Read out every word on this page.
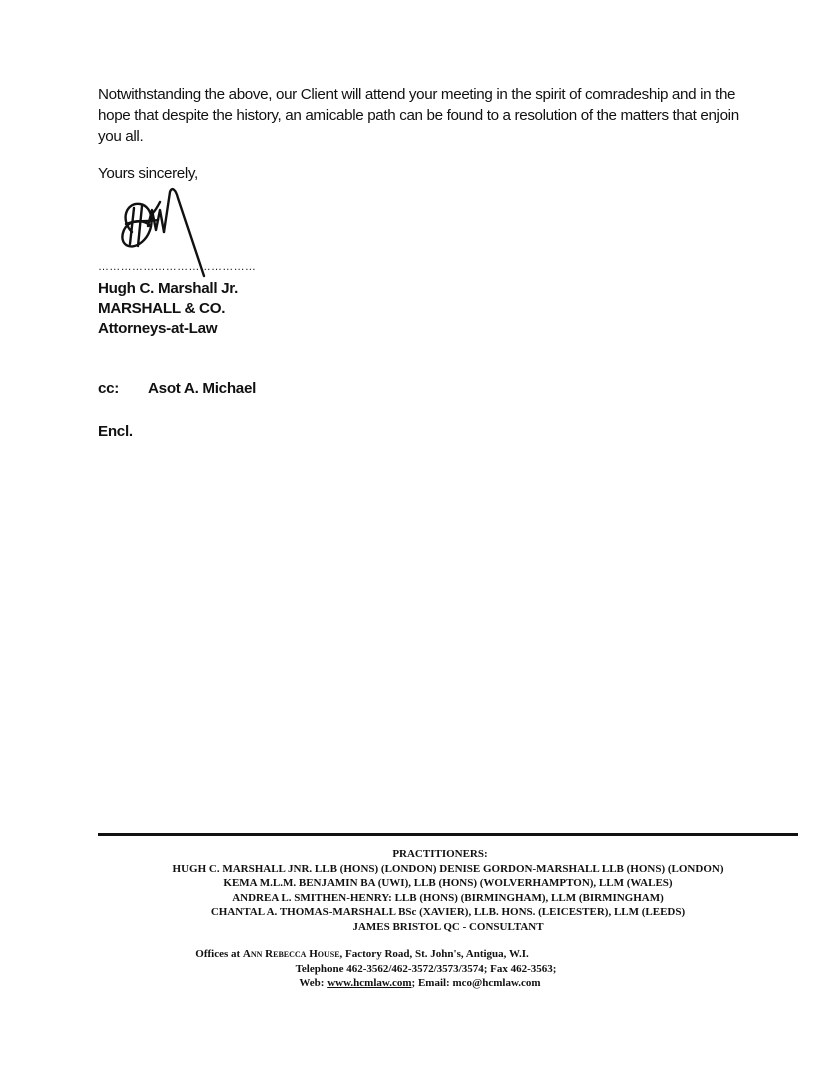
Notwithstanding the above, our Client will attend your meeting in the spirit of comradeship and in the hope that despite the history, an amicable path can be found to a resolution of the matters that enjoin you all.

Yours sincerely,
……………………………………
Hugh C. Marshall Jr.
MARSHALL & CO.
Attorneys-at-Law
cc: Asot A. Michael
Encl.
PRACTITIONERS:
HUGH C. MARSHALL JNR. LLB (HONS) (LONDON) DENISE GORDON-MARSHALL LLB (HONS) (LONDON)
KEMA M.L.M. BENJAMIN BA (UWI), LLB (HONS) (WOLVERHAMPTON), LLM (WALES)
ANDREA L. SMITHEN-HENRY: LLB (HONS) (BIRMINGHAM), LLM (BIRMINGHAM)
CHANTAL A. THOMAS-MARSHALL BSc (XAVIER), LLB. HONS. (LEICESTER), LLM (LEEDS)
JAMES BRISTOL QC - CONSULTANT
Offices at Ann Rebecca House, Factory Road, St. John's, Antigua, W.I.
Telephone 462-3562/462-3572/3573/3574; Fax 462-3563;
Web: www.hcmlaw.com; Email: mco@hcmlaw.com
